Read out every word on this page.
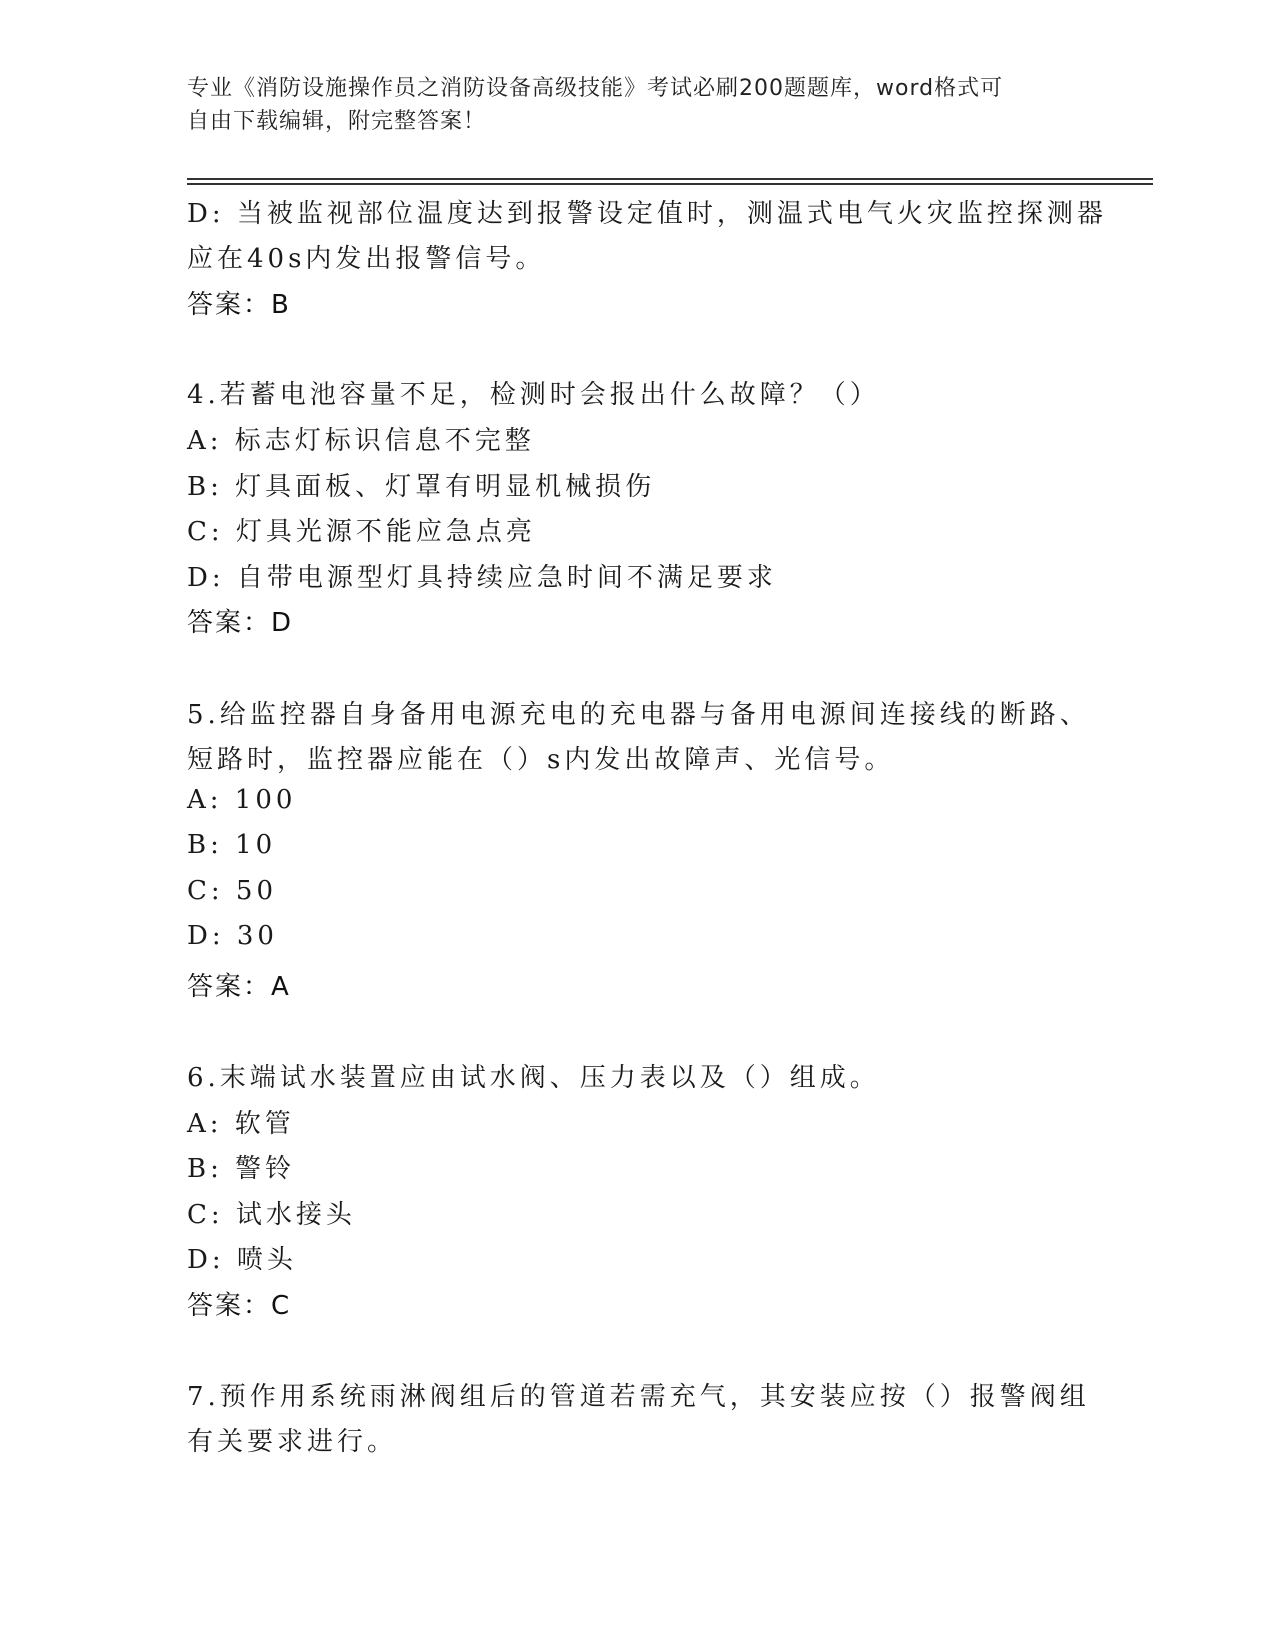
专业《消防设施操作员之消防设备高级技能》考试必刷200题题库，word格式可
自由下载编辑，附完整答案！
D: 当被监视部位温度达到报警设定值时，测温式电气火灾监控探测器
应在40s内发出报警信号。
答案：B
4.若蓄电池容量不足，检测时会报出什么故障？（）
A: 标志灯标识信息不完整
B: 灯具面板、灯罩有明显机械损伤
C: 灯具光源不能应急点亮
D: 自带电源型灯具持续应急时间不满足要求
答案：D
5.给监控器自身备用电源充电的充电器与备用电源间连接线的断路、
短路时，监控器应能在（）s内发出故障声、光信号。
A: 100
B: 10
C: 50
D: 30
答案：A
6.末端试水装置应由试水阀、压力表以及（）组成。
A: 软管
B: 警铃
C: 试水接头
D: 喷头
答案：C
7.预作用系统雨淋阀组后的管道若需充气，其安装应按（）报警阀组
有关要求进行。
